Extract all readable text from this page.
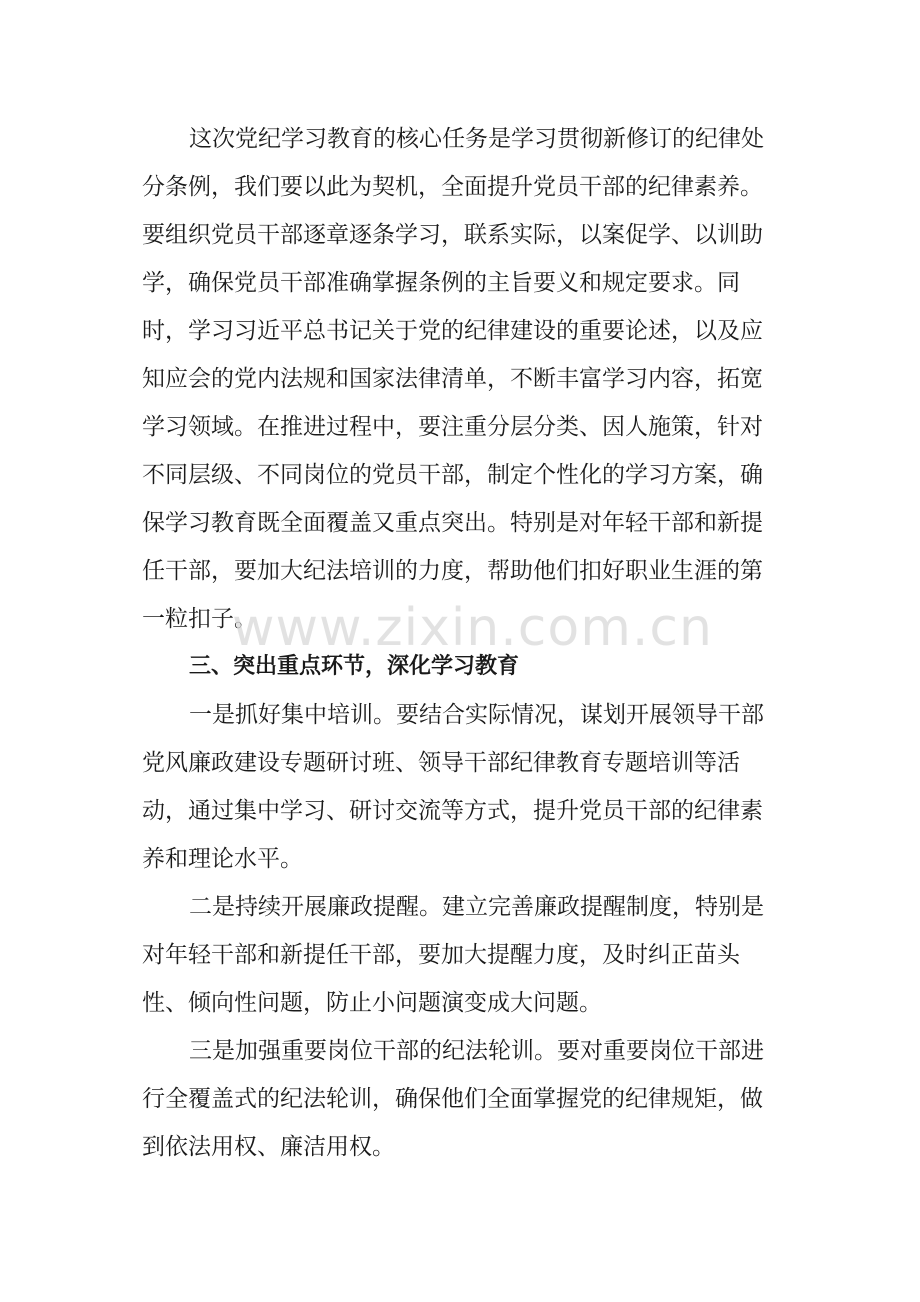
这次党纪学习教育的核心任务是学习贯彻新修订的纪律处
分条例，我们要以此为契机，全面提升党员干部的纪律素养。
要组织党员干部逐章逐条学习，联系实际，以案促学、以训助
学，确保党员干部准确掌握条例的主旨要义和规定要求。同
时，学习习近平总书记关于党的纪律建设的重要论述，以及应
知应会的党内法规和国家法律清单，不断丰富学习内容，拓宽
学习领域。在推进过程中，要注重分层分类、因人施策，针对
不同层级、不同岗位的党员干部，制定个性化的学习方案，确
保学习教育既全面覆盖又重点突出。特别是对年轻干部和新提
任干部，要加大纪法培训的力度，帮助他们扣好职业生涯的第
一粒扣子。
三、突出重点环节，深化学习教育
一是抓好集中培训。要结合实际情况，谋划开展领导干部
党风廉政建设专题研讨班、领导干部纪律教育专题培训等活
动，通过集中学习、研讨交流等方式，提升党员干部的纪律素
养和理论水平。
二是持续开展廉政提醒。建立完善廉政提醒制度，特别是
对年轻干部和新提任干部，要加大提醒力度，及时纠正苗头
性、倾向性问题，防止小问题演变成大问题。
三是加强重要岗位干部的纪法轮训。要对重要岗位干部进
行全覆盖式的纪法轮训，确保他们全面掌握党的纪律规矩，做
到依法用权、廉洁用权。
www.zixin.com.cn
